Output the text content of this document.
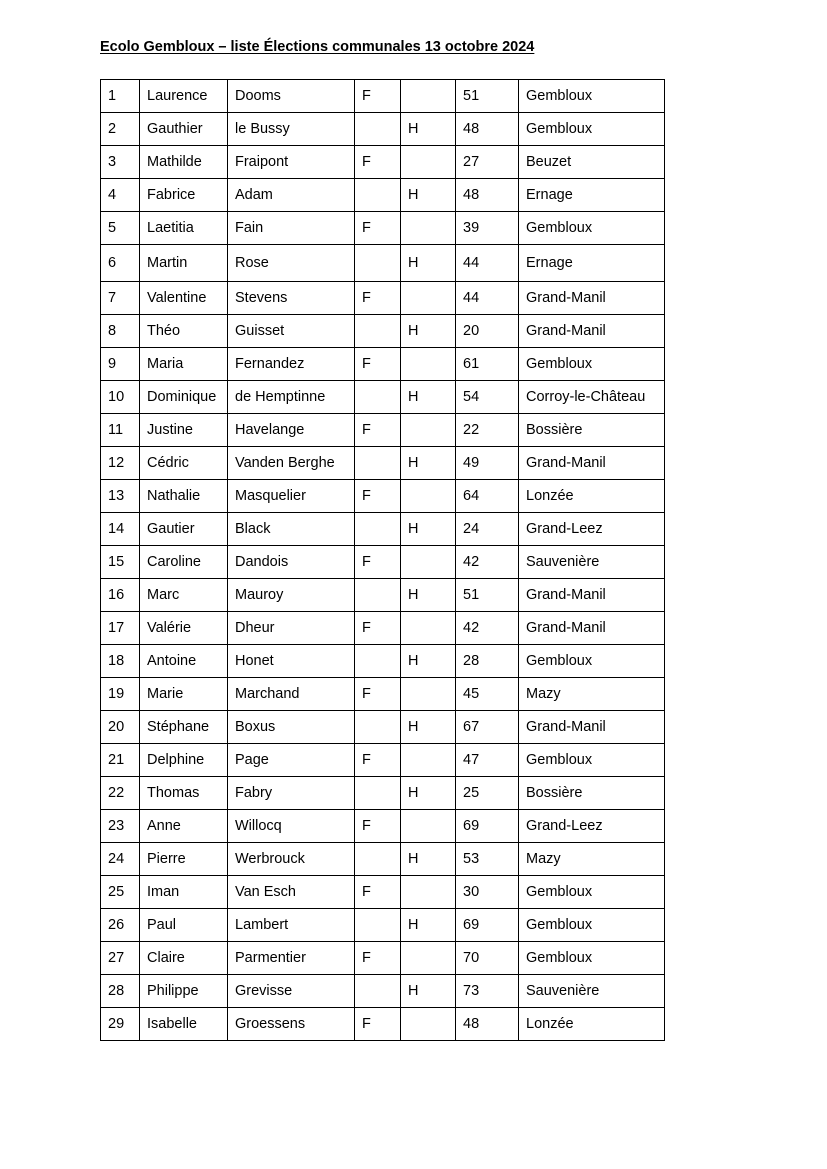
Ecolo Gembloux – liste Élections communales 13 octobre 2024
1	Laurence	Dooms	F		51	Gembloux
2	Gauthier	le Bussy		H	48	Gembloux
3	Mathilde	Fraipont	F		27	Beuzet
4	Fabrice	Adam		H	48	Ernage
5	Laetitia	Fain	F		39	Gembloux
6	Martin	Rose		H	44	Ernage
7	Valentine	Stevens	F		44	Grand-Manil
8	Théo	Guisset		H	20	Grand-Manil
9	Maria	Fernandez	F		61	Gembloux
10	Dominique	de Hemptinne		H	54	Corroy-le-Château
11	Justine	Havelange	F		22	Bossière
12	Cédric	Vanden Berghe		H	49	Grand-Manil
13	Nathalie	Masquelier	F		64	Lonzée
14	Gautier	Black		H	24	Grand-Leez
15	Caroline	Dandois	F		42	Sauvenière
16	Marc	Mauroy		H	51	Grand-Manil
17	Valérie	Dheur	F		42	Grand-Manil
18	Antoine	Honet		H	28	Gembloux
19	Marie	Marchand	F		45	Mazy
20	Stéphane	Boxus		H	67	Grand-Manil
21	Delphine	Page	F		47	Gembloux
22	Thomas	Fabry		H	25	Bossière
23	Anne	Willocq	F		69	Grand-Leez
24	Pierre	Werbrouck		H	53	Mazy
25	Iman	Van Esch	F		30	Gembloux
26	Paul	Lambert		H	69	Gembloux
27	Claire	Parmentier	F		70	Gembloux
28	Philippe	Grevisse		H	73	Sauvenière
29	Isabelle	Groessens	F		48	Lonzée
